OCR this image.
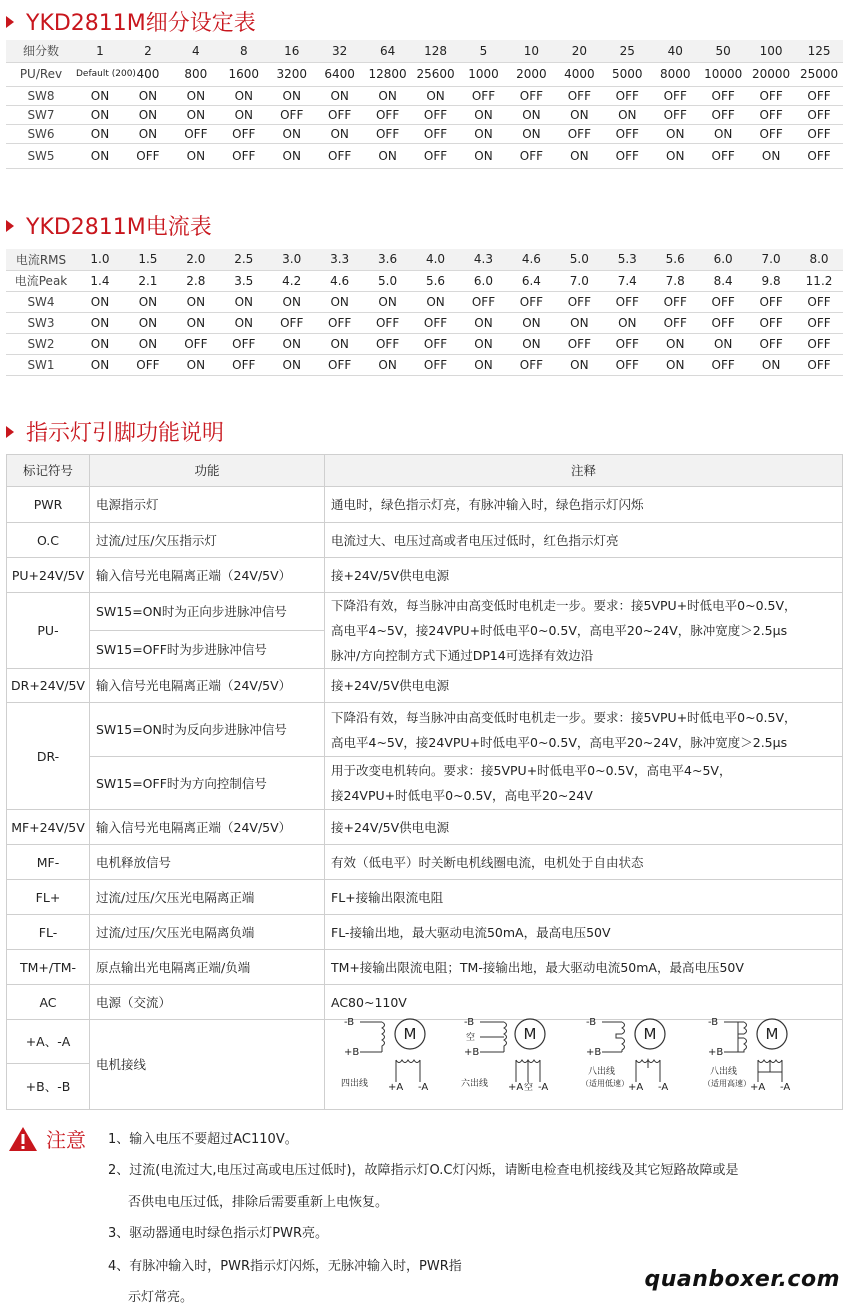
YKD2811M细分设定表
细分数	1	2	4	8	16	32	64	128	5	10	20	25	40	50	100	125
PU/Rev	Default (200)	400	800	1600	3200	6400	12800	25600	1000	2000	4000	5000	8000	10000	20000	25000
SW8	ON	ON	ON	ON	ON	ON	ON	ON	OFF	OFF	OFF	OFF	OFF	OFF	OFF	OFF
SW7	ON	ON	ON	ON	OFF	OFF	OFF	OFF	ON	ON	ON	ON	OFF	OFF	OFF	OFF
SW6	ON	ON	OFF	OFF	ON	ON	OFF	OFF	ON	ON	OFF	OFF	ON	ON	OFF	OFF
SW5	ON	OFF	ON	OFF	ON	OFF	ON	OFF	ON	OFF	ON	OFF	ON	OFF	ON	OFF
YKD2811M电流表
电流RMS	1.0	1.5	2.0	2.5	3.0	3.3	3.6	4.0	4.3	4.6	5.0	5.3	5.6	6.0	7.0	8.0
电流Peak	1.4	2.1	2.8	3.5	4.2	4.6	5.0	5.6	6.0	6.4	7.0	7.4	7.8	8.4	9.8	11.2
SW4	ON	ON	ON	ON	ON	ON	ON	ON	OFF	OFF	OFF	OFF	OFF	OFF	OFF	OFF
SW3	ON	ON	ON	ON	OFF	OFF	OFF	OFF	ON	ON	ON	ON	OFF	OFF	OFF	OFF
SW2	ON	ON	OFF	OFF	ON	ON	OFF	OFF	ON	ON	OFF	OFF	ON	ON	OFF	OFF
SW1	ON	OFF	ON	OFF	ON	OFF	ON	OFF	ON	OFF	ON	OFF	ON	OFF	ON	OFF
指示灯引脚功能说明
标记符号	功能	注释
PWR	电源指示灯	通电时，绿色指示灯亮，有脉冲输入时，绿色指示灯闪烁
O.C	过流/过压/欠压指示灯	电流过大、电压过高或者电压过低时，红色指示灯亮
PU+24V/5V	输入信号光电隔离正端（24V/5V）	接+24V/5V供电电源
PU-	SW15=ON时为正向步进脉冲信号	下降沿有效，每当脉冲由高变低时电机走一步。要求：接5VPU+时低电平0~0.5V，
高电平4~5V，接24VPU+时低电平0~0.5V，高电平20~24V，脉冲宽度＞2.5μs
脉冲/方向控制方式下通过DP14可选择有效边沿

	SW15=OFF时为步进脉冲信号	
DR+24V/5V	输入信号光电隔离正端（24V/5V）	接+24V/5V供电电源
DR-	SW15=ON时为反向步进脉冲信号	下降沿有效，每当脉冲由高变低时电机走一步。要求：接5VPU+时低电平0~0.5V，
高电平4~5V，接24VPU+时低电平0~0.5V，高电平20~24V，脉冲宽度＞2.5μs

	SW15=OFF时为方向控制信号	用于改变电机转向。要求：接5VPU+时低电平0~0.5V，高电平4~5V，
接24VPU+时低电平0~0.5V，高电平20~24V

MF+24V/5V	输入信号光电隔离正端（24V/5V）	接+24V/5V供电电源
MF-	电机释放信号	有效（低电平）时关断电机线圈电流，电机处于自由状态
FL+	过流/过压/欠压光电隔离正端	FL+接输出限流电阻
FL-	过流/过压/欠压光电隔离负端	FL-接输出地，最大驱动电流50mA，最高电压50V
TM+/TM-	原点输出光电隔离正端/负端	TM+接输出限流电阻；TM-接输出地，最大驱动电流50mA，最高电压50V
AC	电源（交流）	AC80~110V
+A、-A	电机接线	
+B、-B		
-B
+B
M
四出线 +A -A
-B
空
+B
M
六出线 +A 空 -A
-B
+B
M
八出线
（适用低速） +A -A
-B
+B
M
八出线
（适用高速） +A -A
注意 1、输入电压不要超过AC110V。
2、过流(电流过大,电压过高或电压过低时)，故障指示灯O.C灯闪烁，请断电检查电机接线及其它短路故障或是
否供电电压过低，排除后需要重新上电恢复。
3、驱动器通电时绿色指示灯PWR亮。
4、有脉冲输入时，PWR指示灯闪烁，无脉冲输入时，PWR指
示灯常亮。
quanboxer.com
